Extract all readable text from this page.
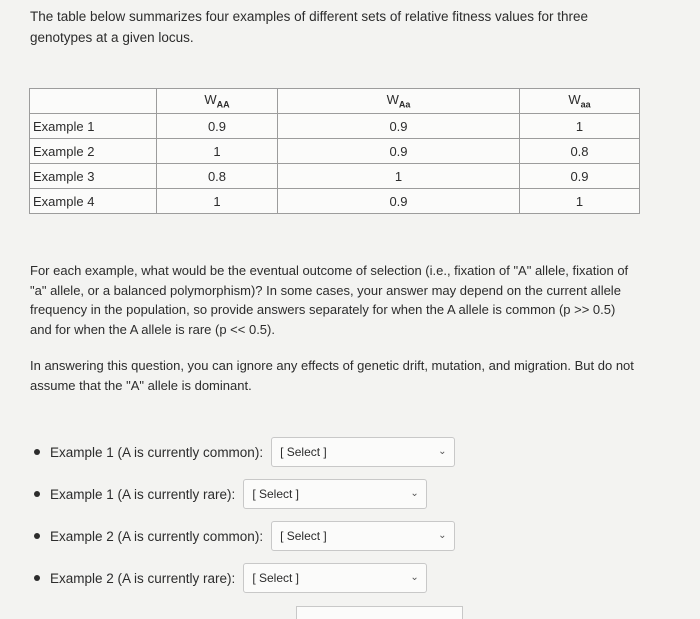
The table below summarizes four examples of different sets of relative fitness values for three genotypes at a given locus.

	$W_{AA}$	$W_{Aa}$	$W_{aa}$
Example 1	0.9	0.9	1
Example 2	1	0.9	0.8
Example 3	0.8	1	0.9
Example 4	1	0.9	1

For each example, what would be the eventual outcome of selection (i.e., fixation of "A" allele, fixation of "a" allele, or a balanced polymorphism)? In some cases, your answer may depend on the current allele frequency in the population, so provide answers separately for when the A allele is common (p >> 0.5) and for when the A allele is rare (p << 0.5).

In answering this question, you can ignore any effects of genetic drift, mutation, and migration. But do not assume that the "A" allele is dominant.

Example 1 (A is currently common): [ Select ]	⌄
Example 1 (A is currently rare): [ Select ]	⌄
Example 2 (A is currently common): [ Select ]	⌄
Example 2 (A is currently rare): [ Select ]	⌄
